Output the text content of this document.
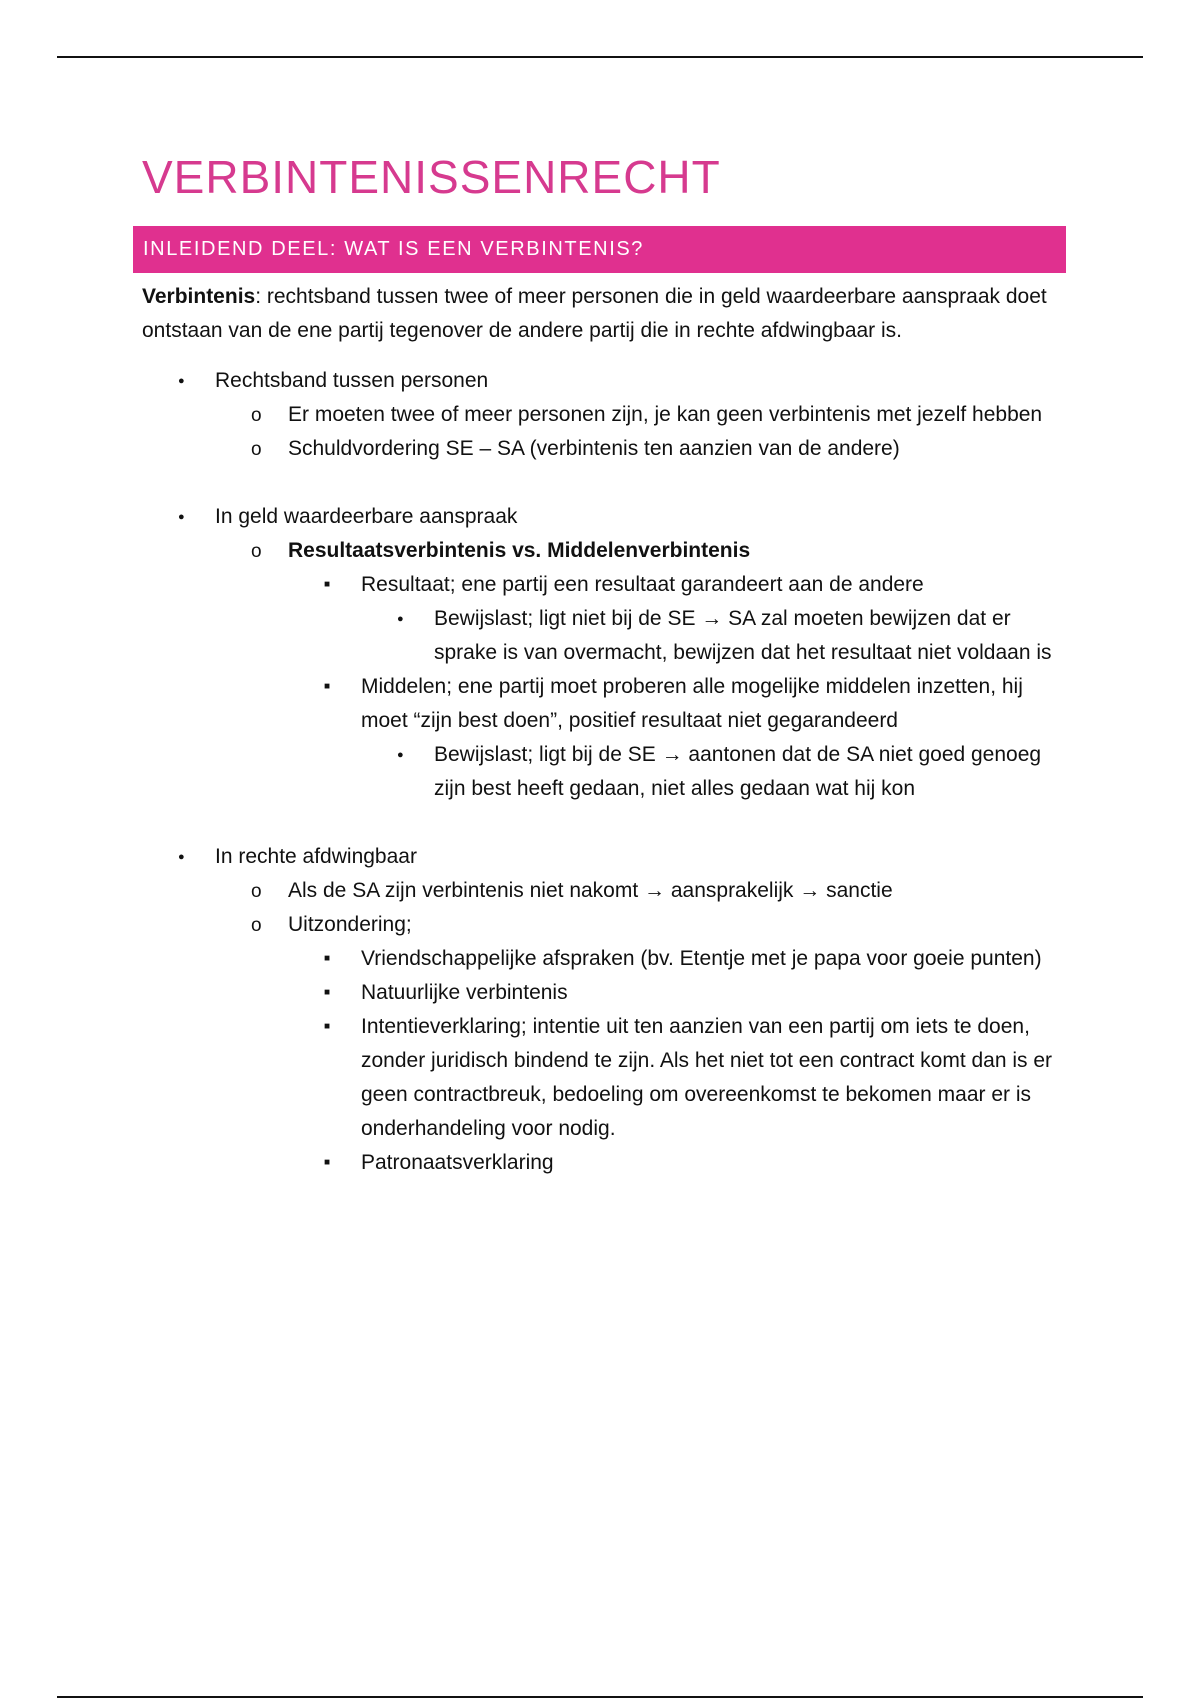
VERBINTENISSENRECHT
INLEIDEND DEEL: WAT IS EEN VERBINTENIS?

Verbintenis: rechtsband tussen twee of meer personen die in geld waardeerbare aanspraak doet ontstaan van de ene partij tegenover de andere partij die in rechte afdwingbaar is.

●
Rechtsband tussen personen
o
Er moeten twee of meer personen zijn, je kan geen verbintenis met jezelf hebben
o
Schuldvordering SE – SA (verbintenis ten aanzien van de andere)
●
In geld waardeerbare aanspraak
o
Resultaatsverbintenis vs. Middelenverbintenis
■
Resultaat; ene partij een resultaat garandeert aan de andere
●
Bewijslast; ligt niet bij de SE → SA zal moeten bewijzen dat er sprake is van overmacht, bewijzen dat het resultaat niet voldaan is
■
Middelen; ene partij moet proberen alle mogelijke middelen inzetten, hij moet “zijn best doen”, positief resultaat niet gegarandeerd
●
Bewijslast; ligt bij de SE → aantonen dat de SA niet goed genoeg zijn best heeft gedaan, niet alles gedaan wat hij kon
●
In rechte afdwingbaar
o
Als de SA zijn verbintenis niet nakomt → aansprakelijk → sanctie
o
Uitzondering;
■
Vriendschappelijke afspraken (bv. Etentje met je papa voor goeie punten)
■
Natuurlijke verbintenis
■
Intentieverklaring; intentie uit ten aanzien van een partij om iets te doen, zonder juridisch bindend te zijn. Als het niet tot een contract komt dan is er geen contractbreuk, bedoeling om overeenkomst te bekomen maar er is onderhandeling voor nodig.
■
Patronaatsverklaring
